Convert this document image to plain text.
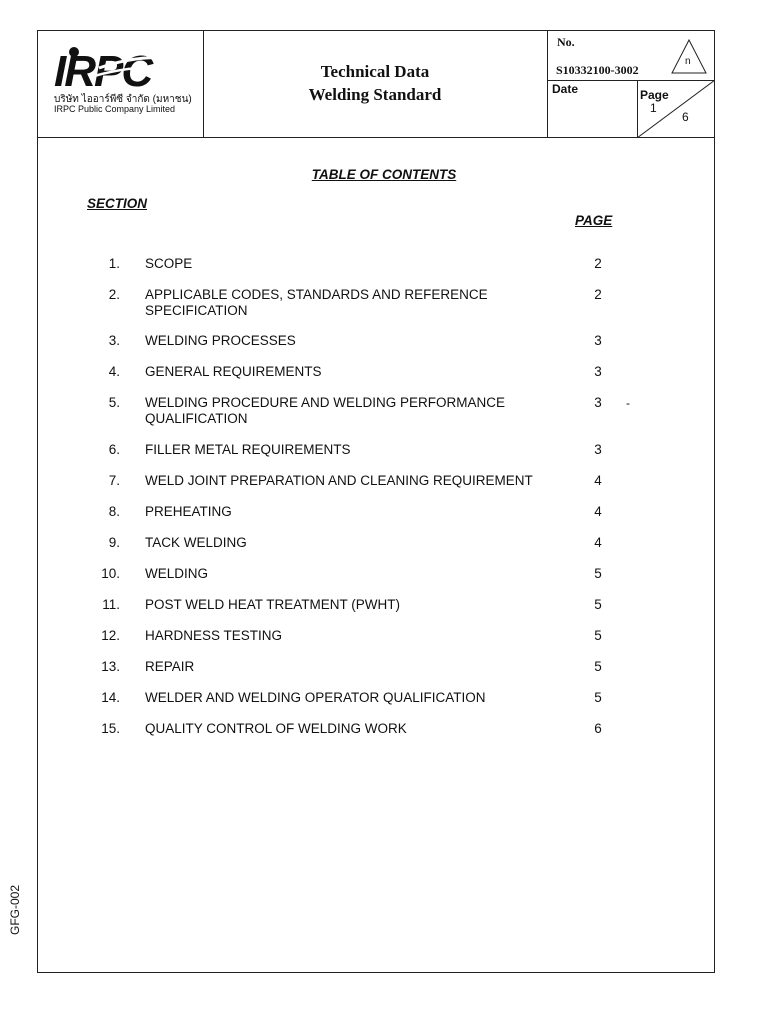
IRPC
บริษัท ไออาร์พีซี จำกัด (มหาชน)
IRPC Public Company Limited
Technical Data
Welding Standard
No.
S10332100-3002
n
Date	Page
1
6
TABLE OF CONTENTS
SECTION
PAGE
1. SCOPE	2
2. APPLICABLE CODES, STANDARDS AND REFERENCE	2
SPECIFICATION
3. WELDING PROCESSES	3
4. GENERAL REQUIREMENTS	3
5. WELDING PROCEDURE AND WELDING PERFORMANCE	3
QUALIFICATION
-
6. FILLER METAL REQUIREMENTS	3
7. WELD JOINT PREPARATION AND CLEANING REQUIREMENT	4
8. PREHEATING	4
9. TACK WELDING	4
10. WELDING	5
11. POST WELD HEAT TREATMENT (PWHT)	5
12. HARDNESS TESTING	5
13. REPAIR	5
14. WELDER AND WELDING OPERATOR QUALIFICATION	5
15. QUALITY CONTROL OF WELDING WORK	6
GFG-002
